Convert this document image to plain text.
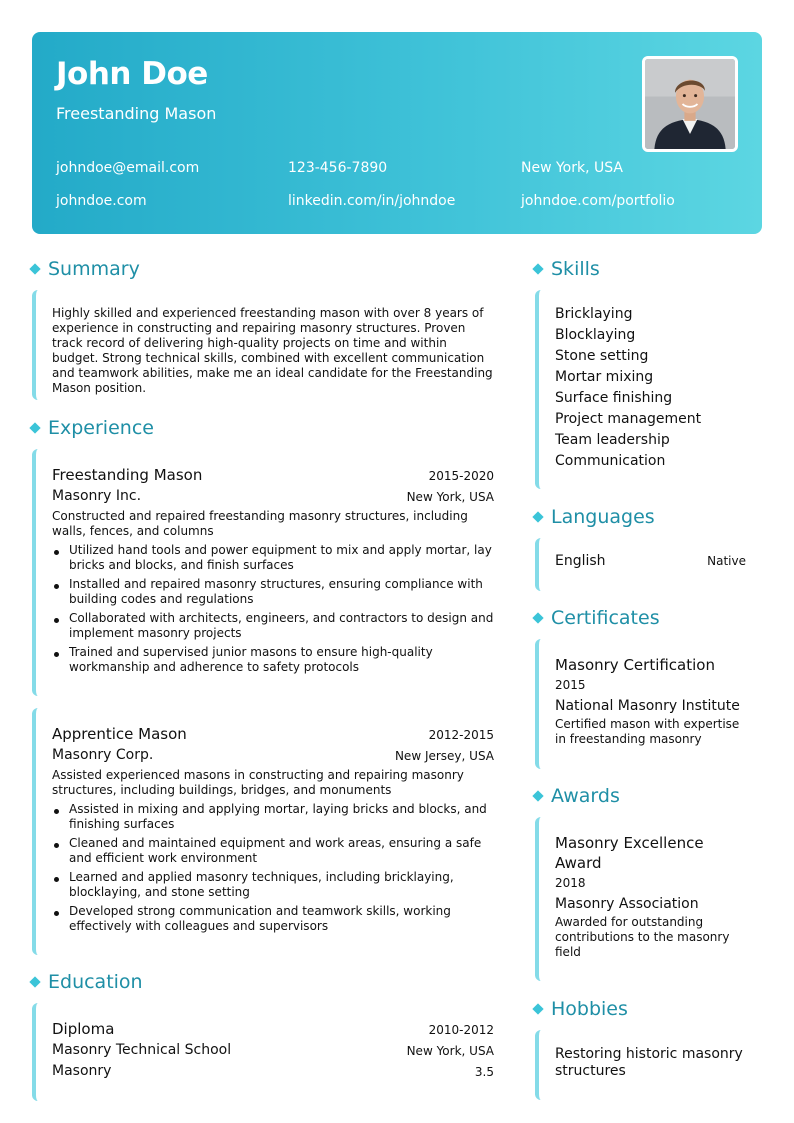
John Doe
Freestanding Mason
johndoe@email.com	123-456-7890	New York, USA
johndoe.com	linkedin.com/in/johndoe	johndoe.com/portfolio
Summary
Highly skilled and experienced freestanding mason with over 8 years of experience in constructing and repairing masonry structures. Proven track record of delivering high-quality projects on time and within budget. Strong technical skills, combined with excellent communication and teamwork abilities, make me an ideal candidate for the Freestanding Mason position.
Experience
Freestanding Mason	2015-2020
Masonry Inc.	New York, USA
Constructed and repaired freestanding masonry structures, including walls, fences, and columns
Utilized hand tools and power equipment to mix and apply mortar, lay bricks and blocks, and finish surfaces
Installed and repaired masonry structures, ensuring compliance with building codes and regulations
Collaborated with architects, engineers, and contractors to design and implement masonry projects
Trained and supervised junior masons to ensure high-quality workmanship and adherence to safety protocols
Apprentice Mason	2012-2015
Masonry Corp.	New Jersey, USA
Assisted experienced masons in constructing and repairing masonry structures, including buildings, bridges, and monuments
Assisted in mixing and applying mortar, laying bricks and blocks, and finishing surfaces
Cleaned and maintained equipment and work areas, ensuring a safe and efficient work environment
Learned and applied masonry techniques, including bricklaying, blocklaying, and stone setting
Developed strong communication and teamwork skills, working effectively with colleagues and supervisors
Education
Diploma	2010-2012
Masonry Technical School	New York, USA
Masonry	3.5
Skills
Bricklaying
Blocklaying
Stone setting
Mortar mixing
Surface finishing
Project management
Team leadership
Communication
Languages
English	Native
Certificates
Masonry Certification
2015
National Masonry Institute
Certified mason with expertise in freestanding masonry
Awards
Masonry Excellence Award
2018
Masonry Association
Awarded for outstanding contributions to the masonry field
Hobbies
Restoring historic masonry structures
